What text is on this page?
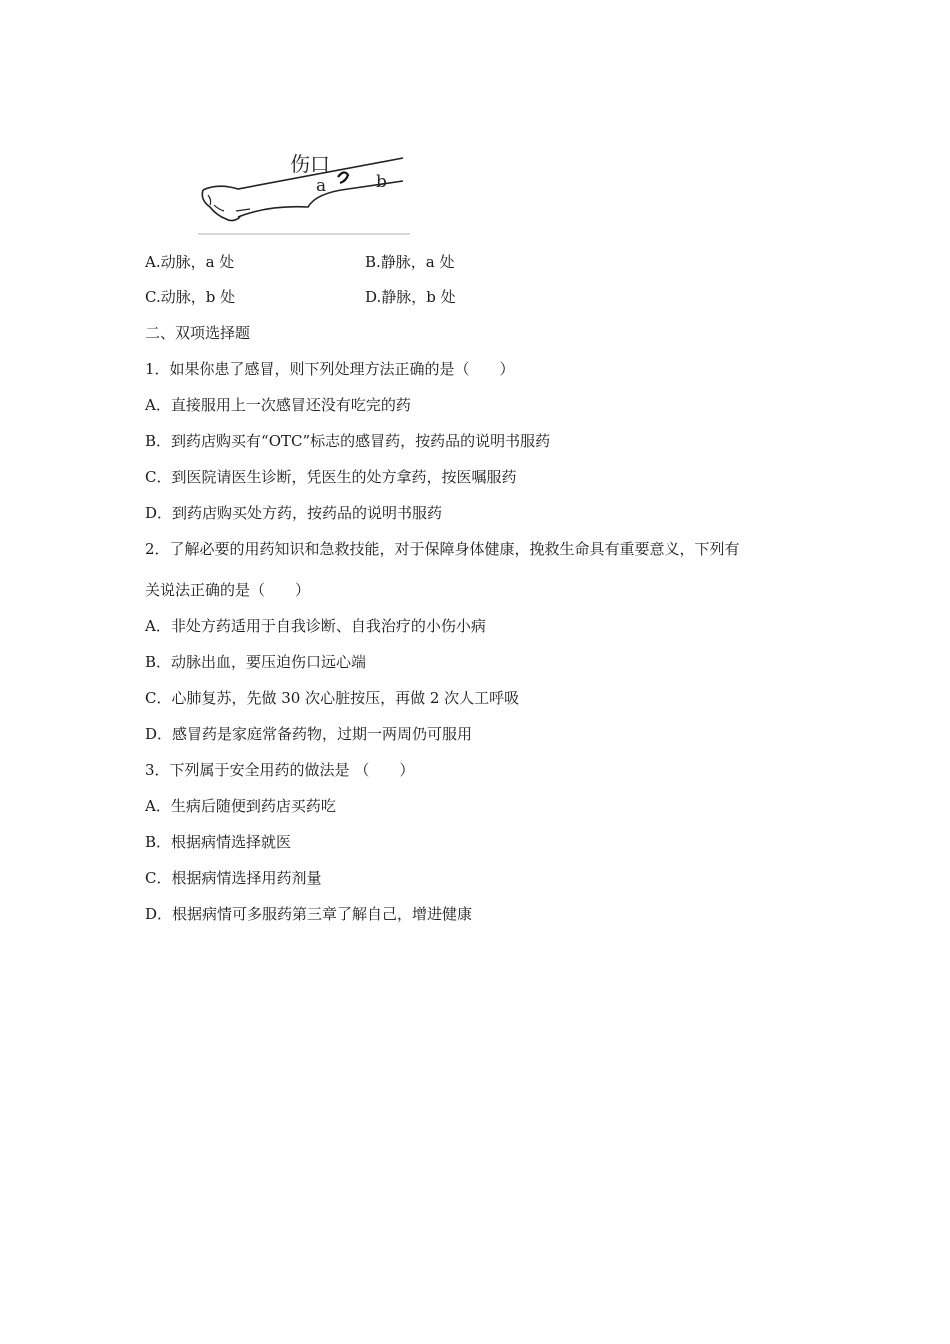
伤口
a	b
A.动脉，a 处	B.静脉，a 处
C.动脉，b 处	D.静脉，b 处
二、双项选择题
1．如果你患了感冒，则下列处理方法正确的是（　　）
A．直接服用上一次感冒还没有吃完的药
B．到药店购买有“OTC”标志的感冒药，按药品的说明书服药
C．到医院请医生诊断，凭医生的处方拿药，按医嘱服药
D．到药店购买处方药，按药品的说明书服药
2．了解必要的用药知识和急救技能，对于保障身体健康，挽救生命具有重要意义，下列有
关说法正确的是（　　）
A．非处方药适用于自我诊断、自我治疗的小伤小病
B．动脉出血，要压迫伤口远心端
C．心肺复苏，先做 30 次心脏按压，再做 2 次人工呼吸
D．感冒药是家庭常备药物，过期一两周仍可服用
3．下列属于安全用药的做法是 （　　）
A．生病后随便到药店买药吃
B．根据病情选择就医
C．根据病情选择用药剂量
D．根据病情可多服药第三章了解自己，增进健康
